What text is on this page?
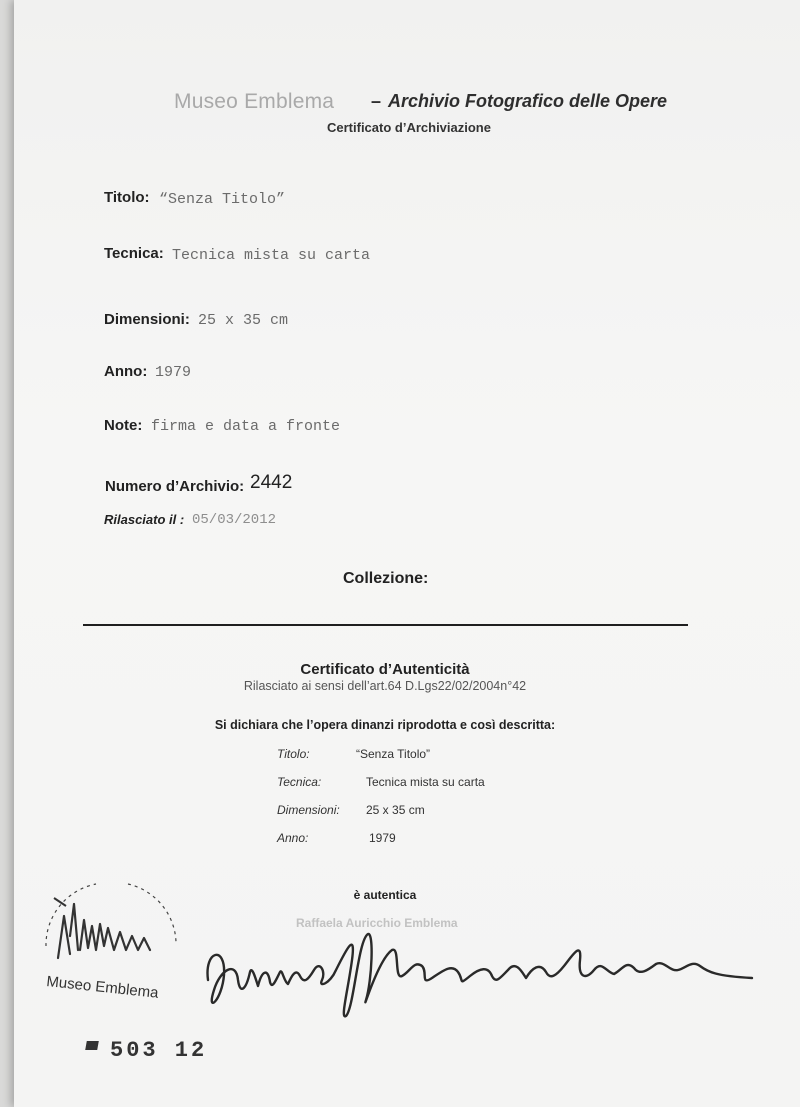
Museo Emblema – Archivio Fotografico delle Opere
Certificato d’Archiviazione
Titolo: “Senza Titolo”
Tecnica: Tecnica mista su carta
Dimensioni: 25 x 35 cm
Anno: 1979
Note: firma e data a fronte
Numero d’Archivio: 2442
Rilasciato il : 05/03/2012
Collezione:
Certificato d’Autenticità
Rilasciato ai sensi dell’art.64 D.Lgs22/02/2004n°42
Si dichiara che l’opera dinanzi riprodotta e così descritta:
Titolo:	“Senza Titolo”
Tecnica:	Tecnica mista su carta
Dimensioni: 25 x 35 cm
Anno:	1979
è autentica
Raffaela Auricchio Emblema
Museo Emblema
503 12
